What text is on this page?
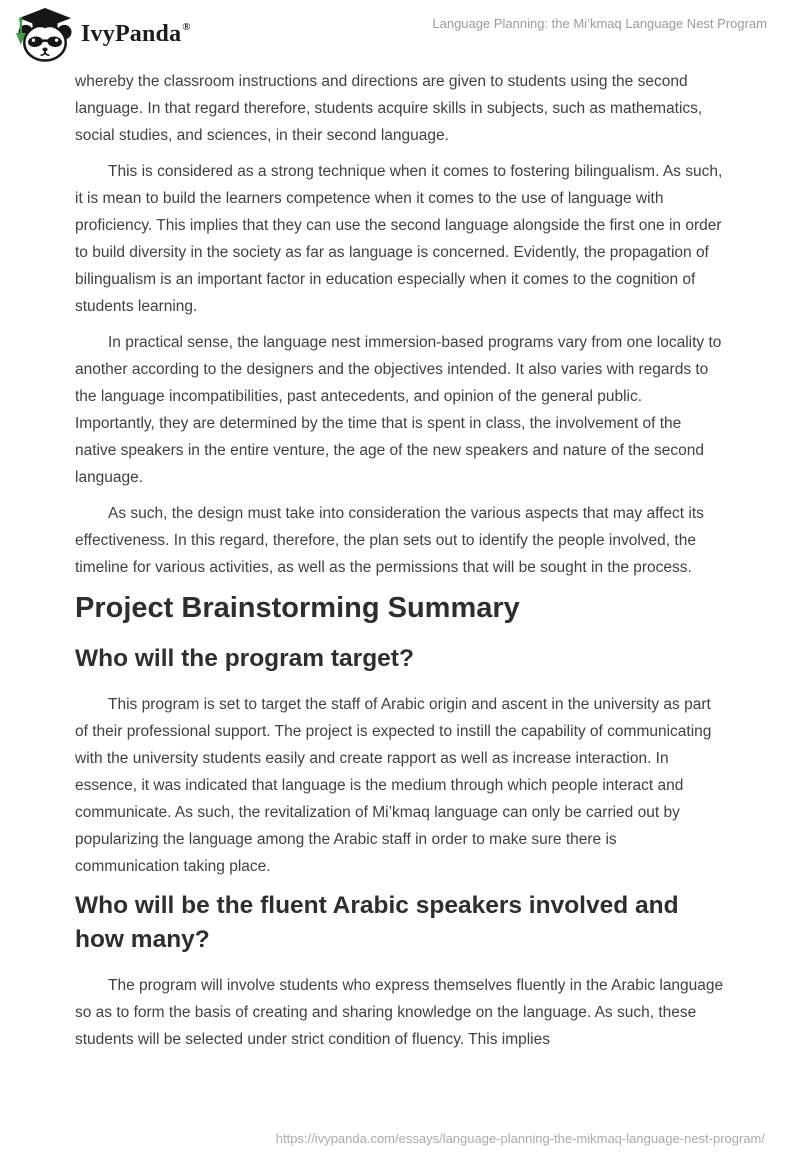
IvyPanda®	Language Planning: the Mi’kmaq Language Nest Program

whereby the classroom instructions and directions are given to students using the second language. In that regard therefore, students acquire skills in subjects, such as mathematics, social studies, and sciences, in their second language.

This is considered as a strong technique when it comes to fostering bilingualism. As such, it is mean to build the learners competence when it comes to the use of language with proficiency. This implies that they can use the second language alongside the first one in order to build diversity in the society as far as language is concerned. Evidently, the propagation of bilingualism is an important factor in education especially when it comes to the cognition of students learning.

In practical sense, the language nest immersion-based programs vary from one locality to another according to the designers and the objectives intended. It also varies with regards to the language incompatibilities, past antecedents, and opinion of the general public. Importantly, they are determined by the time that is spent in class, the involvement of the native speakers in the entire venture, the age of the new speakers and nature of the second language.

As such, the design must take into consideration the various aspects that may affect its effectiveness. In this regard, therefore, the plan sets out to identify the people involved, the timeline for various activities, as well as the permissions that will be sought in the process.

Project Brainstorming Summary
Who will the program target?

This program is set to target the staff of Arabic origin and ascent in the university as part of their professional support. The project is expected to instill the capability of communicating with the university students easily and create rapport as well as increase interaction. In essence, it was indicated that language is the medium through which people interact and communicate. As such, the revitalization of Mi’kmaq language can only be carried out by popularizing the language among the Arabic staff in order to make sure there is communication taking place.

Who will be the fluent Arabic speakers involved and how many?

The program will involve students who express themselves fluently in the Arabic language so as to form the basis of creating and sharing knowledge on the language. As such, these students will be selected under strict condition of fluency. This implies

https://ivypanda.com/essays/language-planning-the-mikmaq-language-nest-program/
